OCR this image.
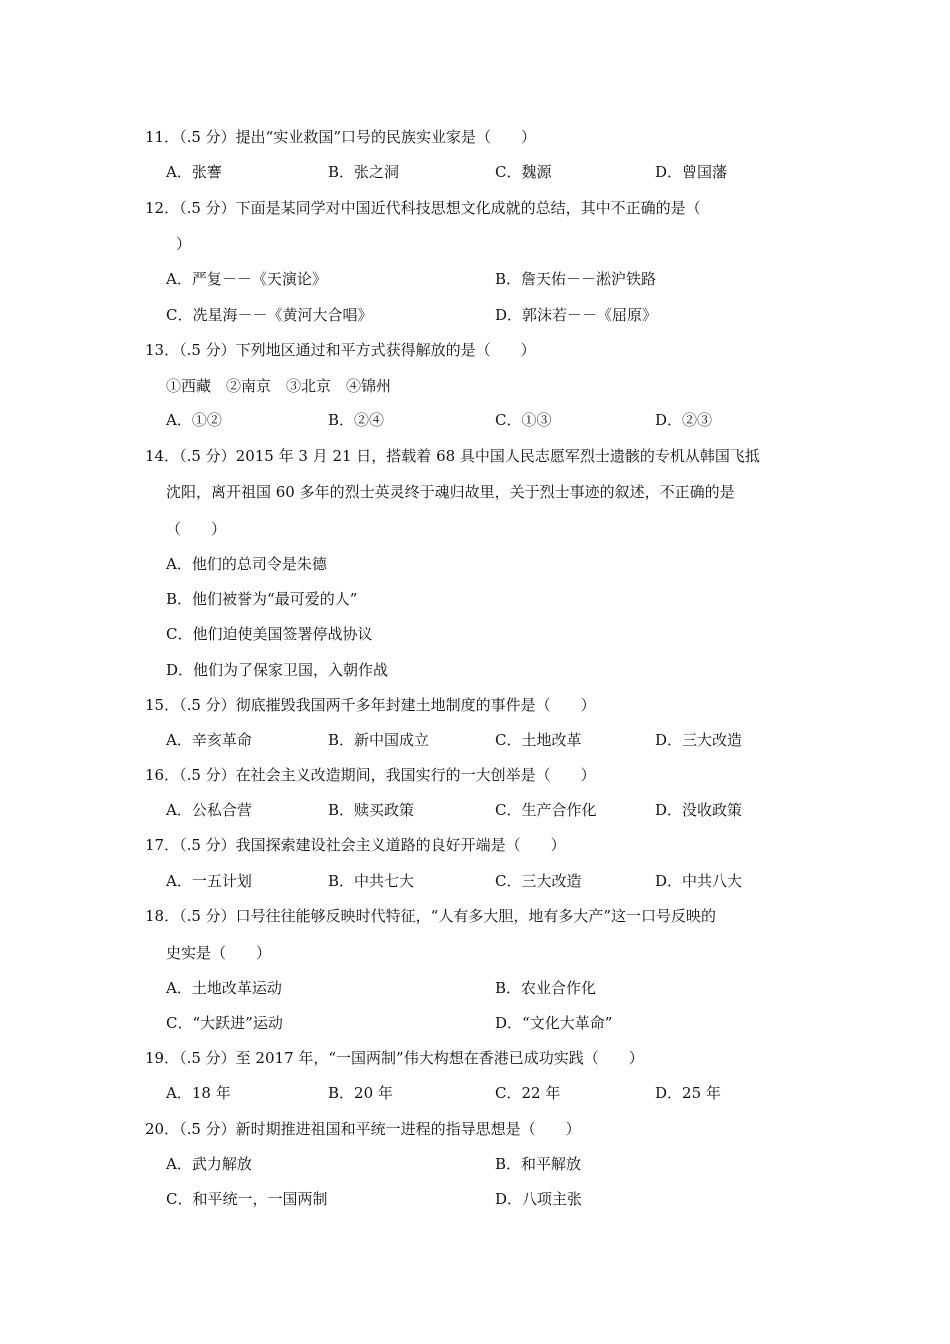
11．（.5 分）提出“实业救国”口号的民族实业家是（　　）
A．张謇	B．张之洞	C．魏源	D．曾国藩
12．（.5 分）下面是某同学对中国近代科技思想文化成就的总结，其中不正确的是（
）
A．严复－－《天演论》	B．詹天佑－－淞沪铁路
C．冼星海－－《黄河大合唱》	D．郭沫若－－《屈原》
13．（.5 分）下列地区通过和平方式获得解放的是（　　）
①西藏　②南京　③北京　④锦州
A．①②	B．②④	C．①③	D．②③
14．（.5 分）2015 年 3 月 21 日，搭载着 68 具中国人民志愿军烈士遗骸的专机从韩国飞抵
沈阳，离开祖国 60 多年的烈士英灵终于魂归故里，关于烈士事迹的叙述，不正确的是
（　　）
A．他们的总司令是朱德
B．他们被誉为“最可爱的人”
C．他们迫使美国签署停战协议
D．他们为了保家卫国，入朝作战
15．（.5 分）彻底摧毁我国两千多年封建土地制度的事件是（　　）
A．辛亥革命	B．新中国成立	C．土地改革	D．三大改造
16．（.5 分）在社会主义改造期间，我国实行的一大创举是（　　）
A．公私合营	B．赎买政策	C．生产合作化	D．没收政策
17．（.5 分）我国探索建设社会主义道路的良好开端是（　　）
A．一五计划	B．中共七大	C．三大改造	D．中共八大
18．（.5 分）口号往往能够反映时代特征，“人有多大胆，地有多大产”这一口号反映的
史实是（　　）
A．土地改革运动	B．农业合作化
C．“大跃进”运动	D．“文化大革命”
19．（.5 分）至 2017 年，“一国两制”伟大构想在香港已成功实践（　　）
A．18 年	B．20 年	C．22 年	D．25 年
20．（.5 分）新时期推进祖国和平统一进程的指导思想是（　　）
A．武力解放	B．和平解放
C．和平统一，一国两制	D．八项主张
